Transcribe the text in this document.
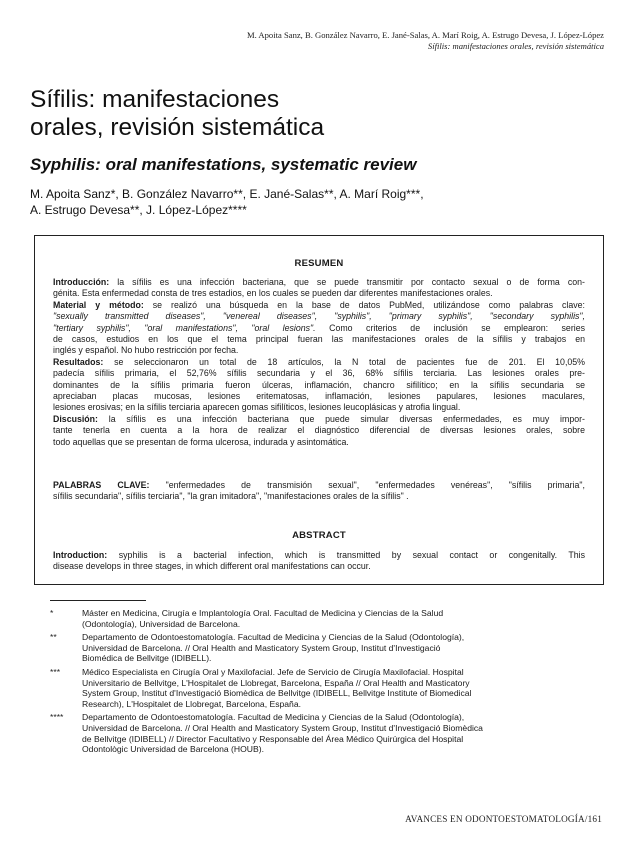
M. Apoita Sanz, B. González Navarro, E. Jané-Salas, A. Marí Roig, A. Estrugo Devesa, J. López-López
Sífilis: manifestaciones orales, revisión sistemática
Sífilis: manifestaciones
orales, revisión sistemática
Syphilis: oral manifestations, systematic review
M. Apoita Sanz*, B. González Navarro**, E. Jané-Salas**, A. Marí Roig***,
A. Estrugo Devesa**, J. López-López****
RESUMEN
Introducción: la sífilis es una infección bacteriana, que se puede transmitir por contacto sexual o de forma con-
génita. Esta enfermedad consta de tres estadios, en los cuales se pueden dar diferentes manifestaciones orales.
Material y método: se realizó una búsqueda en la base de datos PubMed, utilizándose como palabras clave:
"sexually transmitted diseases", "venereal diseases", "syphilis", "primary syphilis", "secondary syphilis",
"tertiary syphilis", "oral manifestations", "oral lesions". Como criterios de inclusión se emplearon: series
de casos, estudios en los que el tema principal fueran las manifestaciones orales de la sífilis y trabajos en
inglés y español. No hubo restricción por fecha.
Resultados: se seleccionaron un total de 18 artículos, la N total de pacientes fue de 201. El 10,05%
padecía sífilis primaria, el 52,76% sífilis secundaria y el 36, 68% sífilis terciaria. Las lesiones orales pre-
dominantes de la sífilis primaria fueron úlceras, inflamación, chancro sifilítico; en la sífilis secundaria se
apreciaban placas mucosas, lesiones eritematosas, inflamación, lesiones papulares, lesiones maculares,
lesiones erosivas; en la sífilis terciaria aparecen gomas sifilíticos, lesiones leucoplásicas y atrofia lingual.
Discusión: la sífilis es una infección bacteriana que puede simular diversas enfermedades, es muy impor-
tante tenerla en cuenta a la hora de realizar el diagnóstico diferencial de diversas lesiones orales, sobre
todo aquellas que se presentan de forma ulcerosa, indurada y asintomática.
PALABRAS CLAVE: "enfermedades de transmisión sexual", "enfermedades venéreas", "sífilis primaria",
sífilis secundaria", sífilis terciaria", "la gran imitadora", "manifestaciones orales de la sífilis" .
ABSTRACT
Introduction: syphilis is a bacterial infection, which is transmitted by sexual contact or congenitally. This
disease develops in three stages, in which different oral manifestations can occur.
*	Máster en Medicina, Cirugía e Implantología Oral. Facultad de Medicina y Ciencias de la Salud
(Odontología), Universidad de Barcelona.
**	Departamento de Odontoestomatología. Facultad de Medicina y Ciencias de la Salud (Odontología),
Universidad de Barcelona. // Oral Health and Masticatory System Group, Institut d'Investigació
Biomédica de Bellvitge (IDIBELL).
***	Médico Especialista en Cirugía Oral y Maxilofacial. Jefe de Servicio de Cirugía Maxilofacial. Hospital
Universitario de Bellvitge, L'Hospitalet de Llobregat, Barcelona, España // Oral Health and Masticatory
System Group, Institut d'Investigació Biomèdica de Bellvitge (IDIBELL, Bellvitge Institute of Biomedical
Research), L'Hospitalet de Llobregat, Barcelona, España.
**** Departamento de Odontoestomatología. Facultad de Medicina y Ciencias de la Salud (Odontología),
Universidad de Barcelona. // Oral Health and Masticatory System Group, Institut d'Investigació Biomèdica
de Bellvitge (IDIBELL) // Director Facultativo y Responsable del Área Médico Quirúrgica del Hospital
Odontològic Universidad de Barcelona (HOUB).
AVANCES EN ODONTOESTOMATOLOGÍA/161
